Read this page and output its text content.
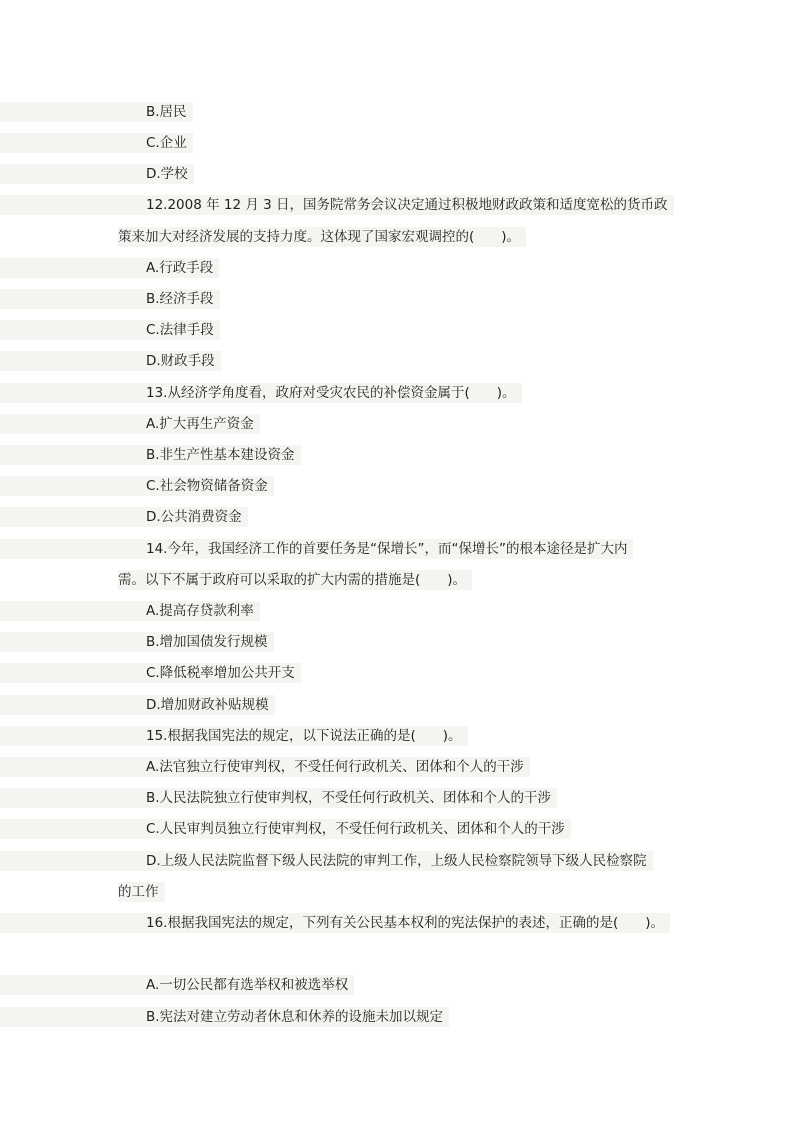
B.居民
C.企业
D.学校
12.2008 年 12 月 3 日，国务院常务会议决定通过积极地财政政策和适度宽松的货币政
策来加大对经济发展的支持力度。这体现了国家宏观调控的(　　)。
A.行政手段
B.经济手段
C.法律手段
D.财政手段
13.从经济学角度看，政府对受灾农民的补偿资金属于(　　)。
A.扩大再生产资金
B.非生产性基本建设资金
C.社会物资储备资金
D.公共消费资金
14.今年，我国经济工作的首要任务是“保增长”，而“保增长”的根本途径是扩大内
需。以下不属于政府可以采取的扩大内需的措施是(　　)。
A.提高存贷款利率
B.增加国债发行规模
C.降低税率增加公共开支
D.增加财政补贴规模
15.根据我国宪法的规定，以下说法正确的是(　　)。
A.法官独立行使审判权，不受任何行政机关、团体和个人的干涉
B.人民法院独立行使审判权，不受任何行政机关、团体和个人的干涉
C.人民审判员独立行使审判权，不受任何行政机关、团体和个人的干涉
D.上级人民法院监督下级人民法院的审判工作，上级人民检察院领导下级人民检察院
的工作
16.根据我国宪法的规定，下列有关公民基本权利的宪法保护的表述，正确的是(　　)。
A.一切公民都有选举权和被选举权
B.宪法对建立劳动者休息和休养的设施未加以规定
